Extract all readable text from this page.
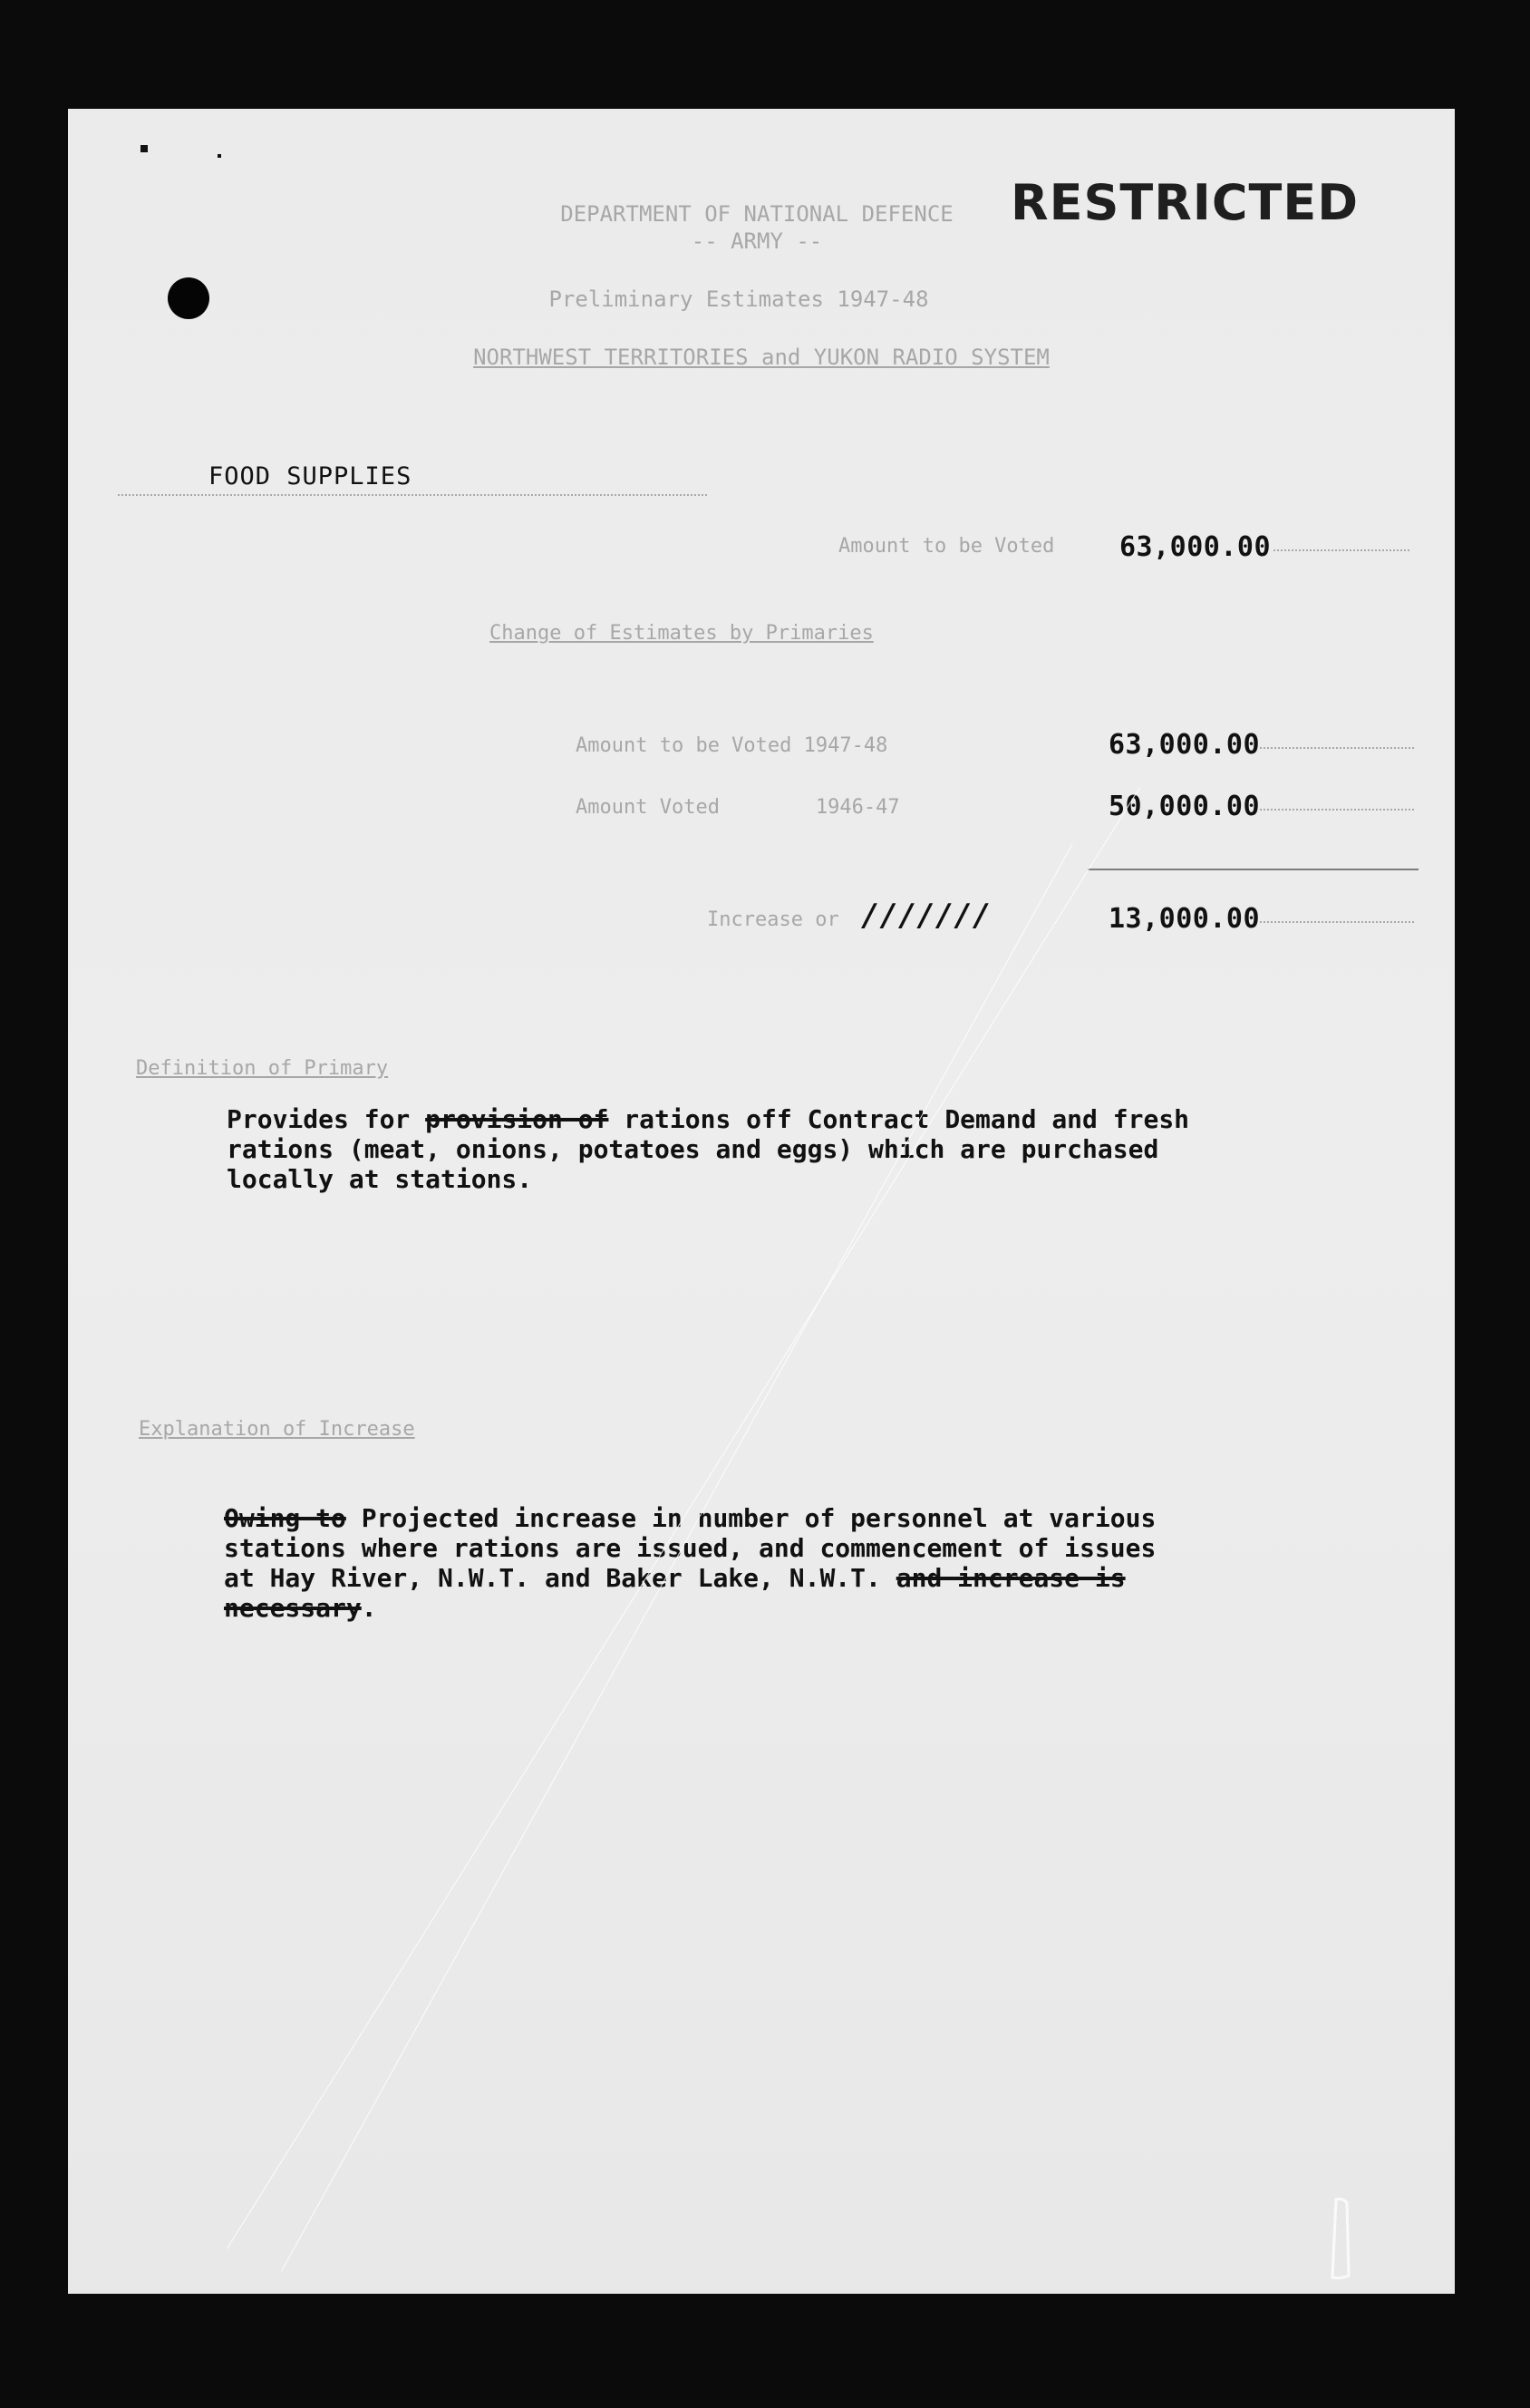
RESTRICTED
DEPARTMENT OF NATIONAL DEFENCE
-- ARMY --
Preliminary Estimates 1947-48
NORTHWEST TERRITORIES and YUKON RADIO SYSTEM
FOOD SUPPLIES
Amount to be Voted 63,000.00
Change of Estimates by Primaries
Amount to be Voted 1947-48	63,000.00
Amount Voted        1946-47	50,000.00
Increase or ///////	13,000.00
Definition of Primary
Provides for provision of rations off Contract Demand and fresh
rations (meat, onions, potatoes and eggs) which are purchased
locally at stations.
Explanation of Increase
Owing to Projected increase in number of personnel at various
stations where rations are issued, and commencement of issues
at Hay River, N.W.T. and Baker Lake, N.W.T. and increase is
necessary.
